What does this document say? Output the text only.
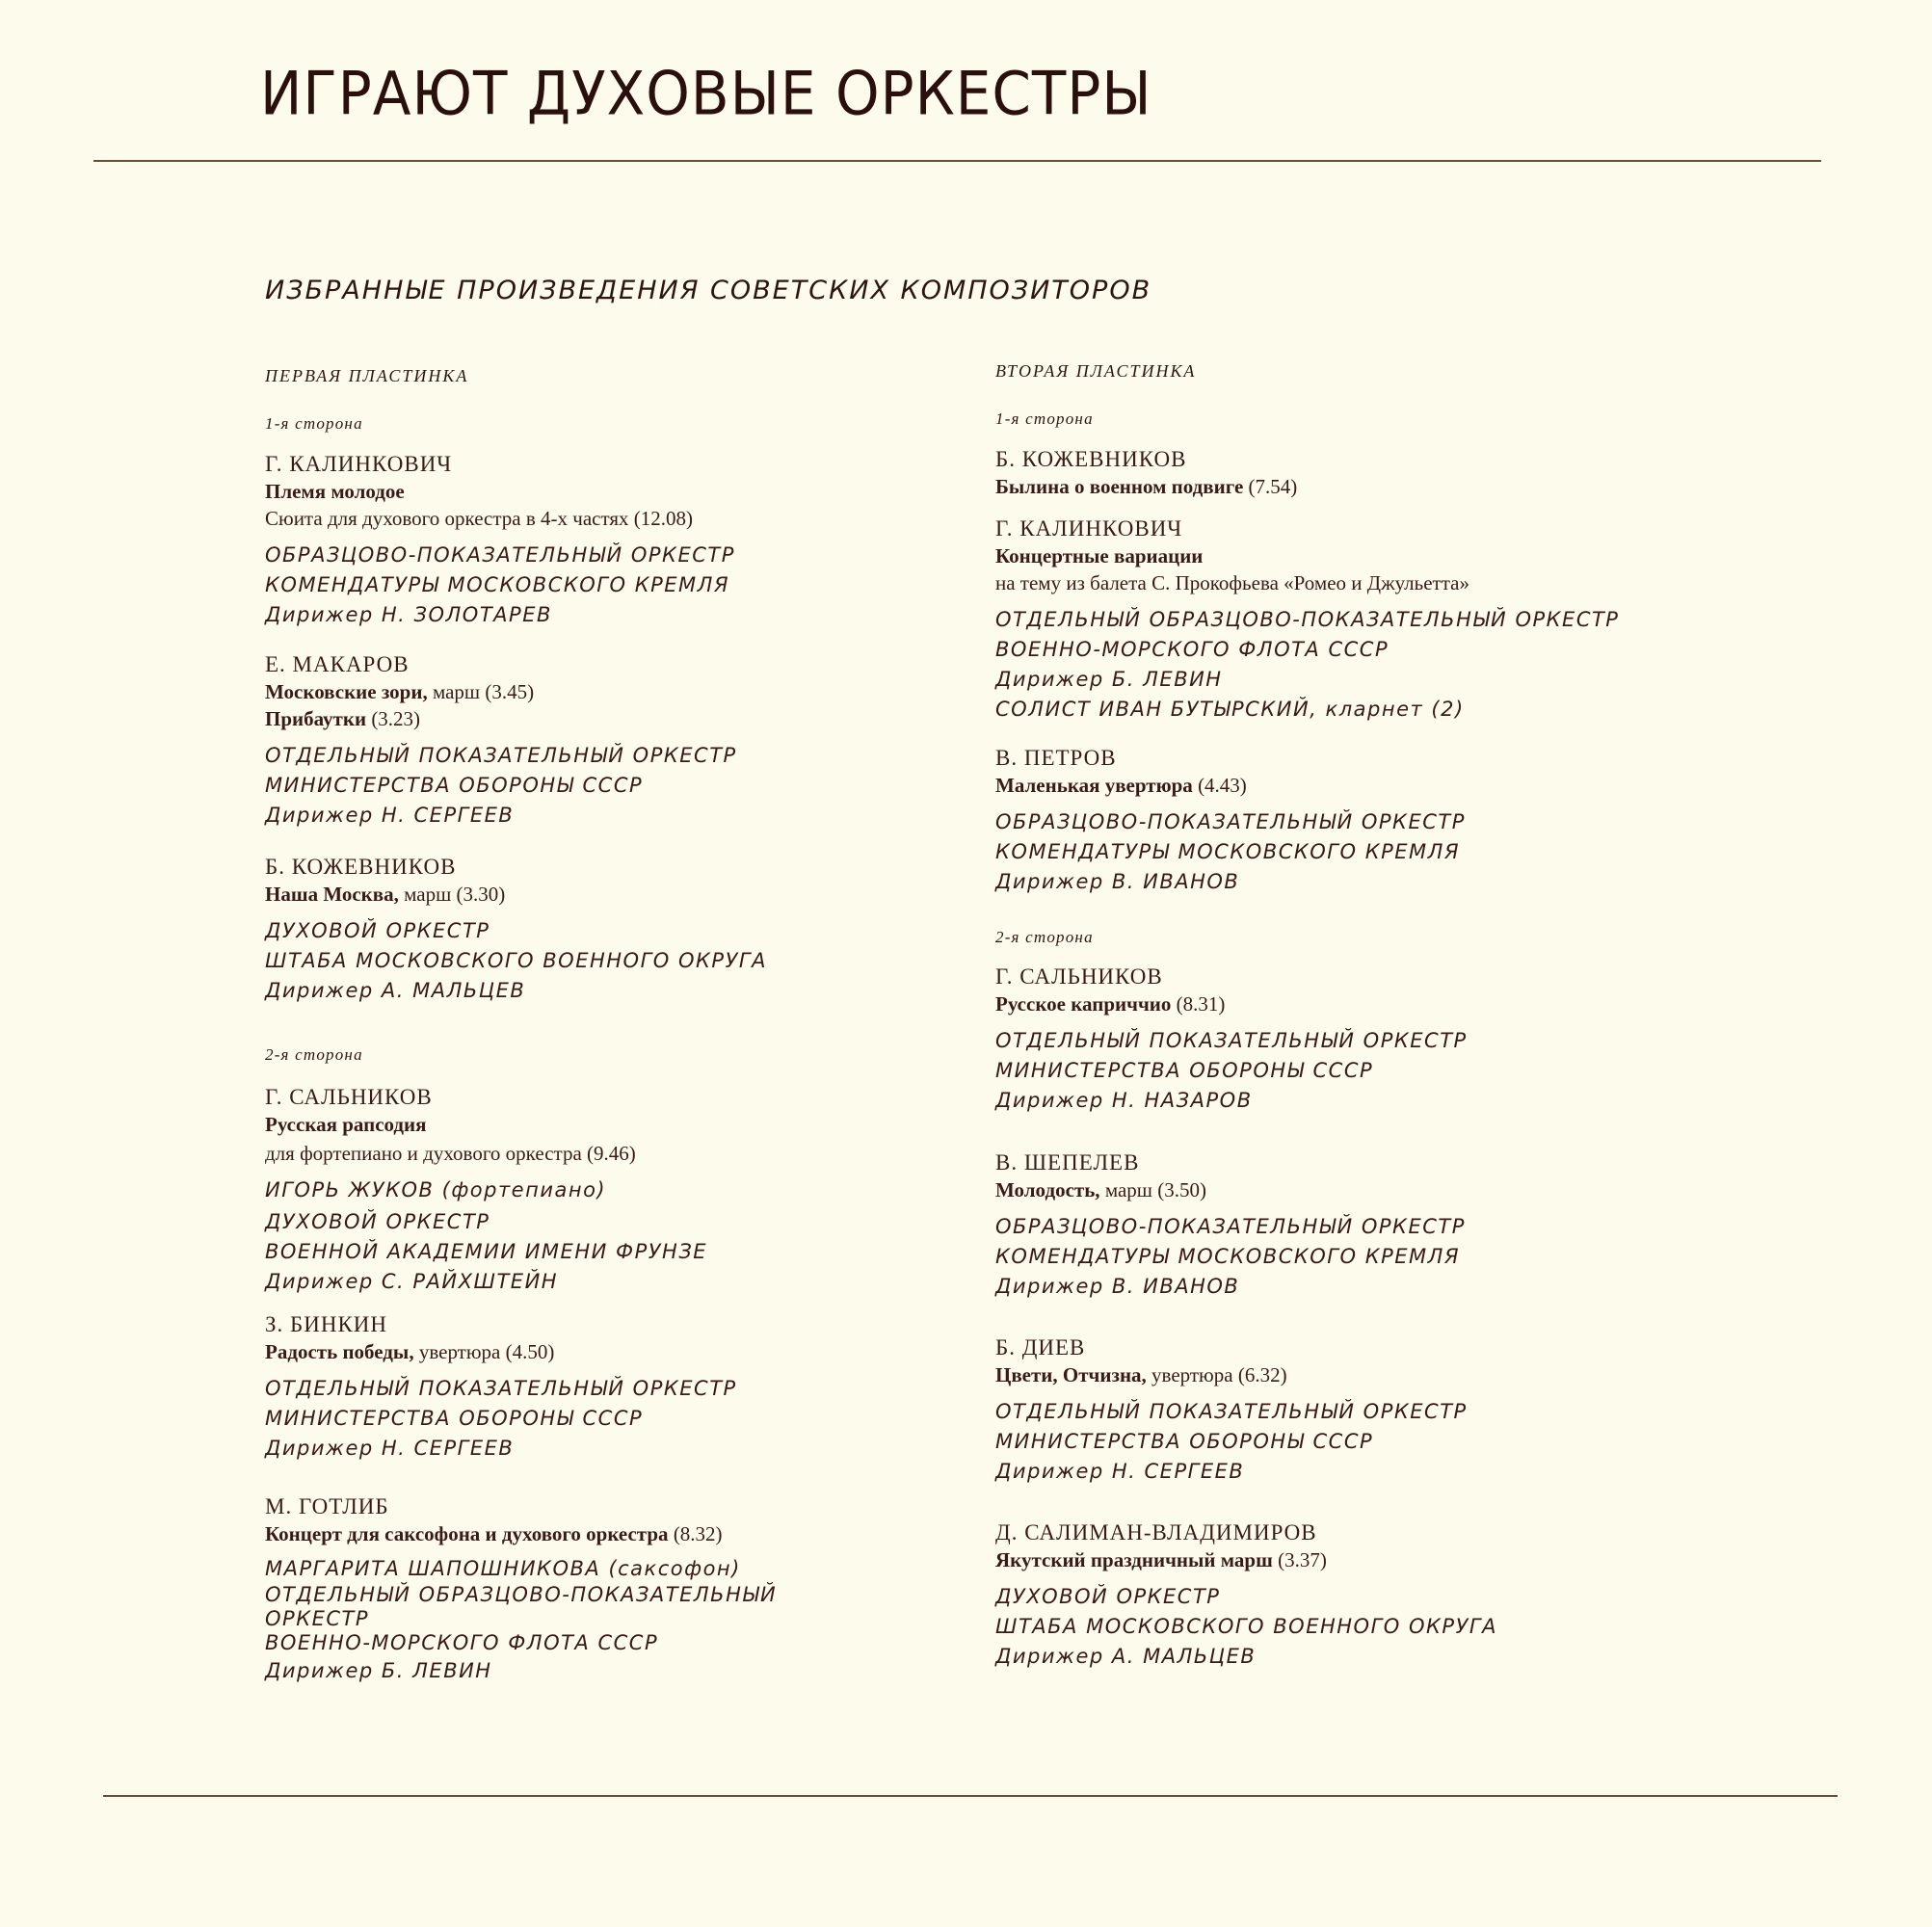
ИГРАЮТ ДУХОВЫЕ ОРКЕСТРЫ
ИЗБРАННЫЕ ПРОИЗВЕДЕНИЯ СОВЕТСКИХ КОМПОЗИТОРОВ
ПЕРВАЯ ПЛАСТИНКА
1-я сторона
Г. КАЛИНКОВИЧ
Племя молодое
Сюита для духового оркестра в 4-х частях (12.08)
ОБРАЗЦОВО-ПОКАЗАТЕЛЬНЫЙ ОРКЕСТР
КОМЕНДАТУРЫ МОСКОВСКОГО КРЕМЛЯ
Дирижер Н. ЗОЛОТАРЕВ
Е. МАКАРОВ
Московские зори, марш (3.45)
Прибаутки (3.23)
ОТДЕЛЬНЫЙ ПОКАЗАТЕЛЬНЫЙ ОРКЕСТР
МИНИСТЕРСТВА ОБОРОНЫ СССР
Дирижер Н. СЕРГЕЕВ
Б. КОЖЕВНИКОВ
Наша Москва, марш (3.30)
ДУХОВОЙ ОРКЕСТР
ШТАБА МОСКОВСКОГО ВОЕННОГО ОКРУГА
Дирижер А. МАЛЬЦЕВ
2-я сторона
Г. САЛЬНИКОВ
Русская рапсодия
для фортепиано и духового оркестра (9.46)
ИГОРЬ ЖУКОВ (фортепиано)
ДУХОВОЙ ОРКЕСТР
ВОЕННОЙ АКАДЕМИИ ИМЕНИ ФРУНЗЕ
Дирижер С. РАЙХШТЕЙН
З. БИНКИН
Радость победы, увертюра (4.50)
ОТДЕЛЬНЫЙ ПОКАЗАТЕЛЬНЫЙ ОРКЕСТР
МИНИСТЕРСТВА ОБОРОНЫ СССР
Дирижер Н. СЕРГЕЕВ
М. ГОТЛИБ
Концерт для саксофона и духового оркестра (8.32)
МАРГАРИТА ШАПОШНИКОВА (саксофон)
ОТДЕЛЬНЫЙ ОБРАЗЦОВО-ПОКАЗАТЕЛЬНЫЙ
ОРКЕСТР
ВОЕННО-МОРСКОГО ФЛОТА СССР
Дирижер Б. ЛЕВИН
ВТОРАЯ ПЛАСТИНКА
1-я сторона
Б. КОЖЕВНИКОВ
Былина о военном подвиге (7.54)
Г. КАЛИНКОВИЧ
Концертные вариации
на тему из балета С. Прокофьева «Ромео и Джульетта»
ОТДЕЛЬНЫЙ ОБРАЗЦОВО-ПОКАЗАТЕЛЬНЫЙ ОРКЕСТР
ВОЕННО-МОРСКОГО ФЛОТА СССР
Дирижер Б. ЛЕВИН
СОЛИСТ ИВАН БУТЫРСКИЙ, кларнет (2)
В. ПЕТРОВ
Маленькая увертюра (4.43)
ОБРАЗЦОВО-ПОКАЗАТЕЛЬНЫЙ ОРКЕСТР
КОМЕНДАТУРЫ МОСКОВСКОГО КРЕМЛЯ
Дирижер В. ИВАНОВ
2-я сторона
Г. САЛЬНИКОВ
Русское каприччио (8.31)
ОТДЕЛЬНЫЙ ПОКАЗАТЕЛЬНЫЙ ОРКЕСТР
МИНИСТЕРСТВА ОБОРОНЫ СССР
Дирижер Н. НАЗАРОВ
В. ШЕПЕЛЕВ
Молодость, марш (3.50)
ОБРАЗЦОВО-ПОКАЗАТЕЛЬНЫЙ ОРКЕСТР
КОМЕНДАТУРЫ МОСКОВСКОГО КРЕМЛЯ
Дирижер В. ИВАНОВ
Б. ДИЕВ
Цвети, Отчизна, увертюра (6.32)
ОТДЕЛЬНЫЙ ПОКАЗАТЕЛЬНЫЙ ОРКЕСТР
МИНИСТЕРСТВА ОБОРОНЫ СССР
Дирижер Н. СЕРГЕЕВ
Д. САЛИМАН-ВЛАДИМИРОВ
Якутский праздничный марш (3.37)
ДУХОВОЙ ОРКЕСТР
ШТАБА МОСКОВСКОГО ВОЕННОГО ОКРУГА
Дирижер А. МАЛЬЦЕВ
